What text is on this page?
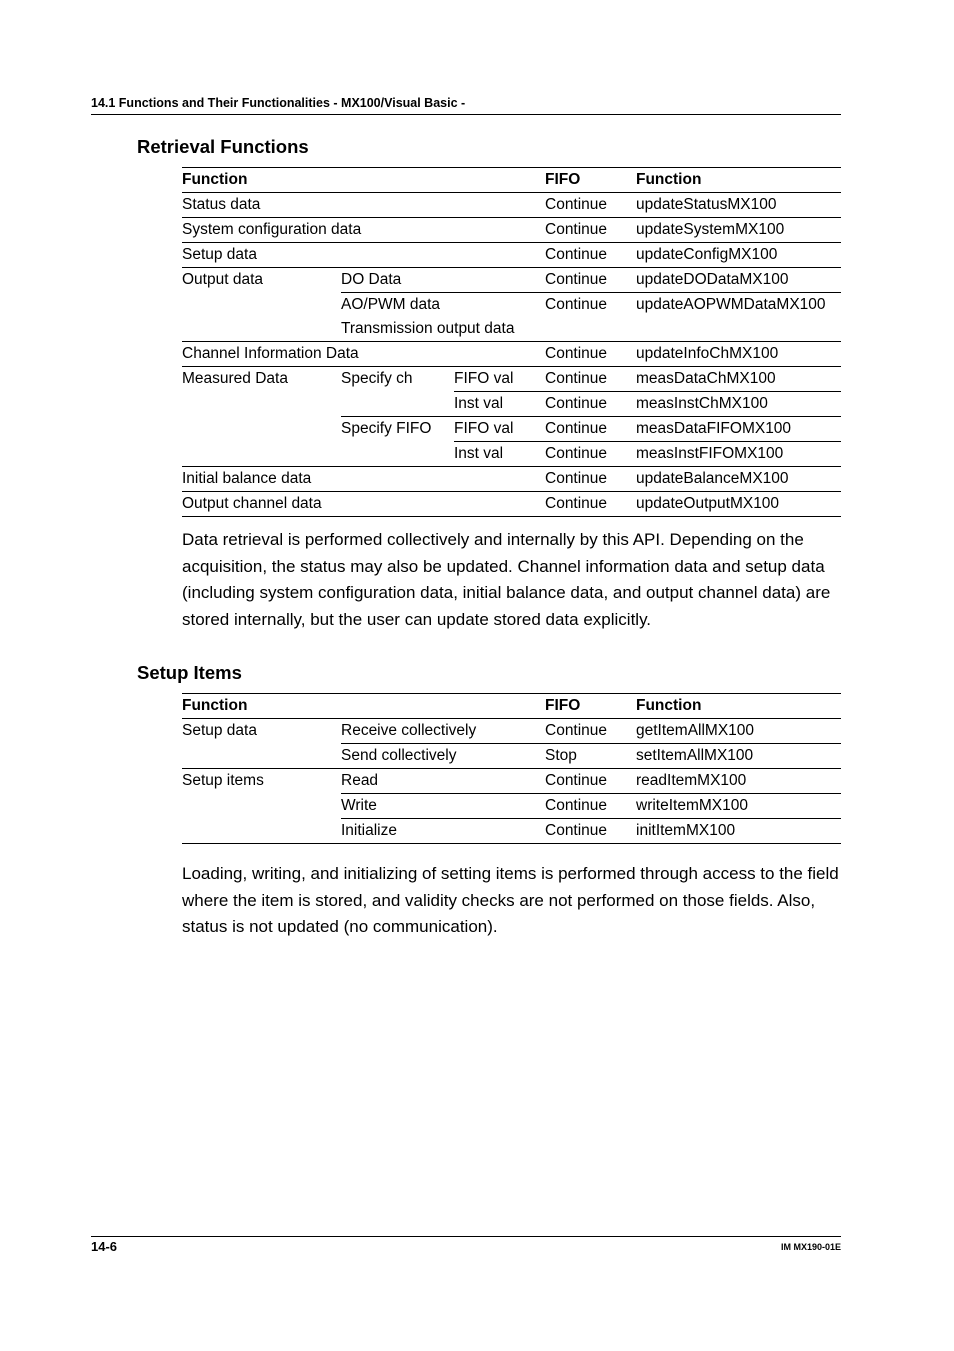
14.1 Functions and Their Functionalities - MX100/Visual Basic -
Retrieval Functions
Function			FIFO	Function
Status data			Continue	updateStatusMX100
System configuration data			Continue	updateSystemMX100
Setup data			Continue	updateConfigMX100
Output data	DO Data		Continue	updateDODataMX100
	AO/PWM data		Continue	updateAOPWMDataMX100
	Transmission output data			
Channel Information Data			Continue	updateInfoChMX100
Measured Data	Specify ch	FIFO val	Continue	measDataChMX100
		Inst val	Continue	measInstChMX100
	Specify FIFO	FIFO val	Continue	measDataFIFOMX100
		Inst val	Continue	measInstFIFOMX100
Initial balance data			Continue	updateBalanceMX100
Output channel data			Continue	updateOutputMX100
Data retrieval is performed collectively and internally by this API. Depending on the acquisition, the status may also be updated. Channel information data and setup data (including system configuration data, initial balance data, and output channel data) are stored internally, but the user can update stored data explicitly.
Setup Items
Function		FIFO	Function
Setup data	Receive collectively	Continue	getItemAllMX100
	Send collectively	Stop	setItemAllMX100
Setup items	Read	Continue	readItemMX100
	Write	Continue	writeItemMX100
	Initialize	Continue	initItemMX100
Loading, writing, and initializing of setting items is performed through access to the field where the item is stored, and validity checks are not performed on those fields. Also, status is not updated (no communication).
14-6	IM MX190-01E
